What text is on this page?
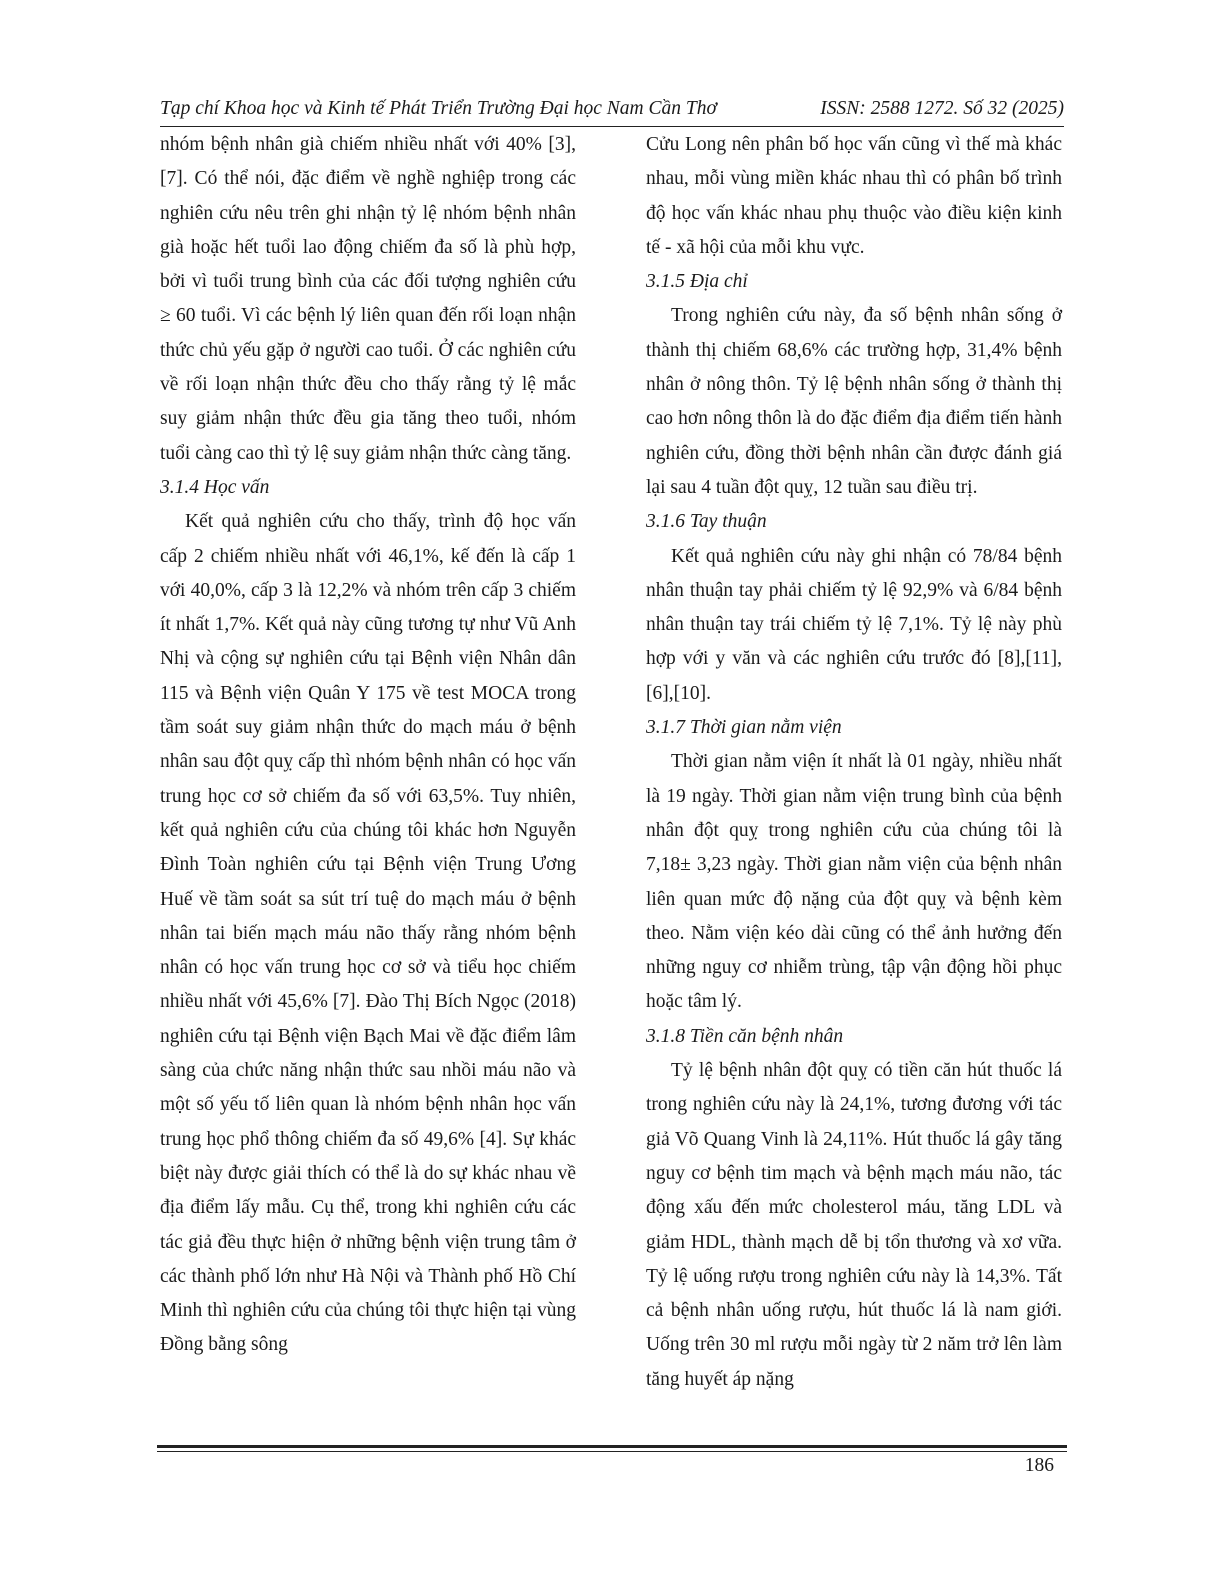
Tạp chí Khoa học và Kinh tế Phát Triển Trường Đại học Nam Cần Thơ	ISSN: 2588 1272. Số 32 (2025)

nhóm bệnh nhân già chiếm nhiều nhất với 40% [3],[7]. Có thể nói, đặc điểm về nghề nghiệp trong các nghiên cứu nêu trên ghi nhận tỷ lệ nhóm bệnh nhân già hoặc hết tuổi lao động chiếm đa số là phù hợp, bởi vì tuổi trung bình của các đối tượng nghiên cứu ≥ 60 tuổi. Vì các bệnh lý liên quan đến rối loạn nhận thức chủ yếu gặp ở người cao tuổi. Ở các nghiên cứu về rối loạn nhận thức đều cho thấy rằng tỷ lệ mắc suy giảm nhận thức đều gia tăng theo tuổi, nhóm tuổi càng cao thì tỷ lệ suy giảm nhận thức càng tăng.

3.1.4 Học vấn

Kết quả nghiên cứu cho thấy, trình độ học vấn cấp 2 chiếm nhiều nhất với 46,1%, kế đến là cấp 1 với 40,0%, cấp 3 là 12,2% và nhóm trên cấp 3 chiếm ít nhất 1,7%. Kết quả này cũng tương tự như Vũ Anh Nhị và cộng sự nghiên cứu tại Bệnh viện Nhân dân 115 và Bệnh viện Quân Y 175 về test MOCA trong tầm soát suy giảm nhận thức do mạch máu ở bệnh nhân sau đột quỵ cấp thì nhóm bệnh nhân có học vấn trung học cơ sở chiếm đa số với 63,5%. Tuy nhiên, kết quả nghiên cứu của chúng tôi khác hơn Nguyễn Đình Toàn nghiên cứu tại Bệnh viện Trung Ương Huế về tầm soát sa sút trí tuệ do mạch máu ở bệnh nhân tai biến mạch máu não thấy rằng nhóm bệnh nhân có học vấn trung học cơ sở và tiểu học chiếm nhiều nhất với 45,6% [7]. Đào Thị Bích Ngọc (2018) nghiên cứu tại Bệnh viện Bạch Mai về đặc điểm lâm sàng của chức năng nhận thức sau nhồi máu não và một số yếu tố liên quan là nhóm bệnh nhân học vấn trung học phổ thông chiếm đa số 49,6% [4]. Sự khác biệt này được giải thích có thể là do sự khác nhau về địa điểm lấy mẫu. Cụ thể, trong khi nghiên cứu các tác giả đều thực hiện ở những bệnh viện trung tâm ở các thành phố lớn như Hà Nội và Thành phố Hồ Chí Minh thì nghiên cứu của chúng tôi thực hiện tại vùng Đồng bằng sông

Cửu Long nên phân bố học vấn cũng vì thế mà khác nhau, mỗi vùng miền khác nhau thì có phân bố trình độ học vấn khác nhau phụ thuộc vào điều kiện kinh tế - xã hội của mỗi khu vực.

3.1.5 Địa chỉ

Trong nghiên cứu này, đa số bệnh nhân sống ở thành thị chiếm 68,6% các trường hợp, 31,4% bệnh nhân ở nông thôn. Tỷ lệ bệnh nhân sống ở thành thị cao hơn nông thôn là do đặc điểm địa điểm tiến hành nghiên cứu, đồng thời bệnh nhân cần được đánh giá lại sau 4 tuần đột quỵ, 12 tuần sau điều trị.

3.1.6 Tay thuận

Kết quả nghiên cứu này ghi nhận có 78/84 bệnh nhân thuận tay phải chiếm tỷ lệ 92,9% và 6/84 bệnh nhân thuận tay trái chiếm tỷ lệ 7,1%. Tỷ lệ này phù hợp với y văn và các nghiên cứu trước đó [8],[11],[6],[10].

3.1.7 Thời gian nằm viện

Thời gian nằm viện ít nhất là 01 ngày, nhiều nhất là 19 ngày. Thời gian nằm viện trung bình của bệnh nhân đột quỵ trong nghiên cứu của chúng tôi là 7,18± 3,23 ngày. Thời gian nằm viện của bệnh nhân liên quan mức độ nặng của đột quỵ và bệnh kèm theo. Nằm viện kéo dài cũng có thể ảnh hưởng đến những nguy cơ nhiễm trùng, tập vận động hồi phục hoặc tâm lý.

3.1.8 Tiền căn bệnh nhân

Tỷ lệ bệnh nhân đột quỵ có tiền căn hút thuốc lá trong nghiên cứu này là 24,1%, tương đương với tác giả Võ Quang Vinh là 24,11%. Hút thuốc lá gây tăng nguy cơ bệnh tim mạch và bệnh mạch máu não, tác động xấu đến mức cholesterol máu, tăng LDL và giảm HDL, thành mạch dễ bị tổn thương và xơ vữa. Tỷ lệ uống rượu trong nghiên cứu này là 14,3%. Tất cả bệnh nhân uống rượu, hút thuốc lá là nam giới. Uống trên 30 ml rượu mỗi ngày từ 2 năm trở lên làm tăng huyết áp nặng

186
